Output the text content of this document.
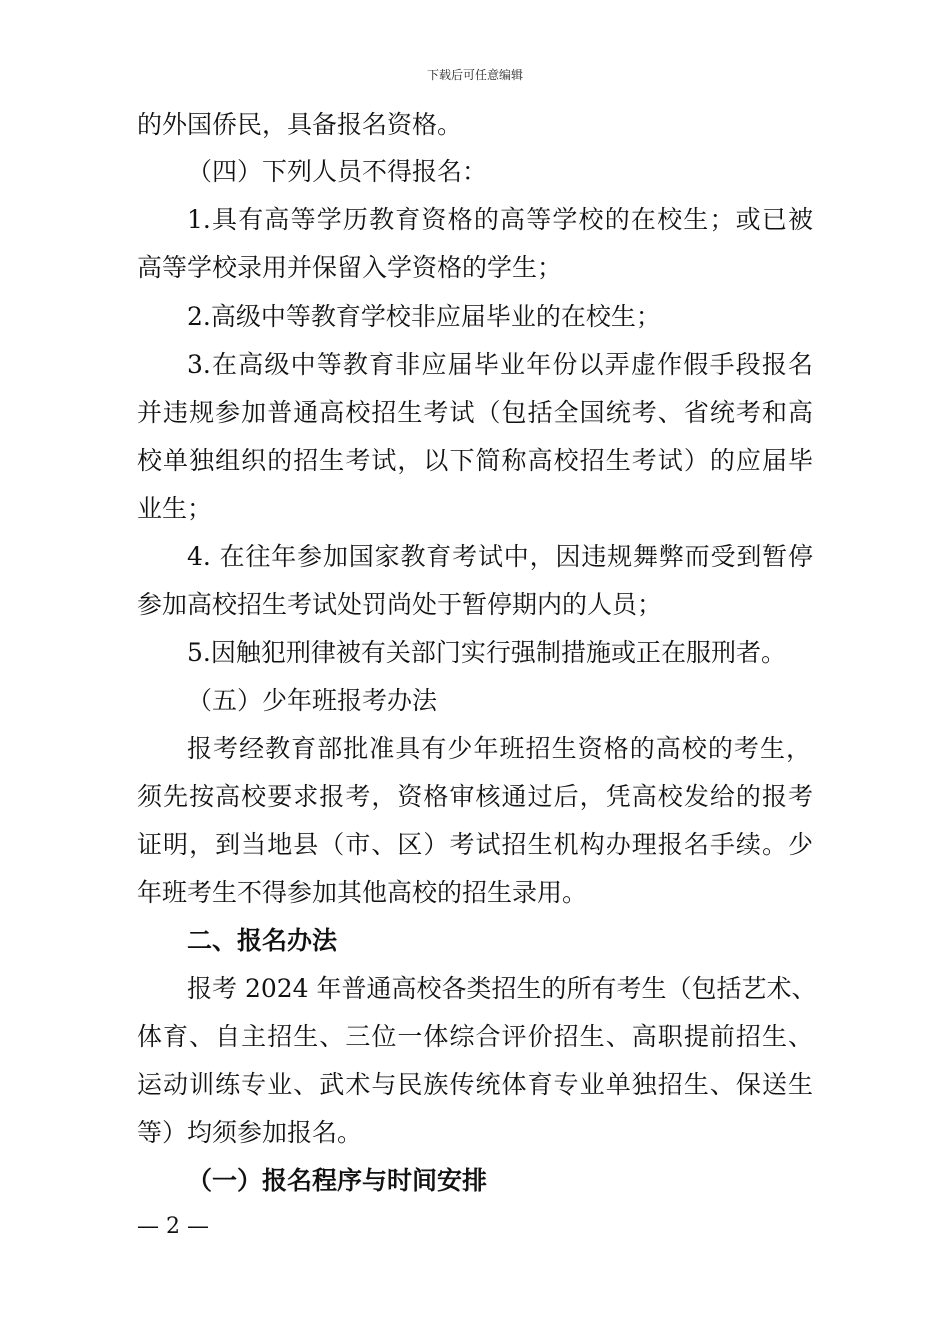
下载后可任意编辑
的外国侨民，具备报名资格。
（四）下列人员不得报名：
1.具有高等学历教育资格的高等学校的在校生；或已被
高等学校录用并保留入学资格的学生；
2.高级中等教育学校非应届毕业的在校生；
3.在高级中等教育非应届毕业年份以弄虚作假手段报名
并违规参加普通高校招生考试（包括全国统考、省统考和高
校单独组织的招生考试，以下简称高校招生考试）的应届毕
业生；
4. 在往年参加国家教育考试中，因违规舞弊而受到暂停
参加高校招生考试处罚尚处于暂停期内的人员；
5.因触犯刑律被有关部门实行强制措施或正在服刑者。
（五）少年班报考办法
报考经教育部批准具有少年班招生资格的高校的考生，
须先按高校要求报考，资格审核通过后，凭高校发给的报考
证明，到当地县（市、区）考试招生机构办理报名手续。少
年班考生不得参加其他高校的招生录用。
二、报名办法
报考 2024 年普通高校各类招生的所有考生（包括艺术、
体育、自主招生、三位一体综合评价招生、高职提前招生、
运动训练专业、武术与民族传统体育专业单独招生、保送生
等）均须参加报名。
（一）报名程序与时间安排
— 2 —
